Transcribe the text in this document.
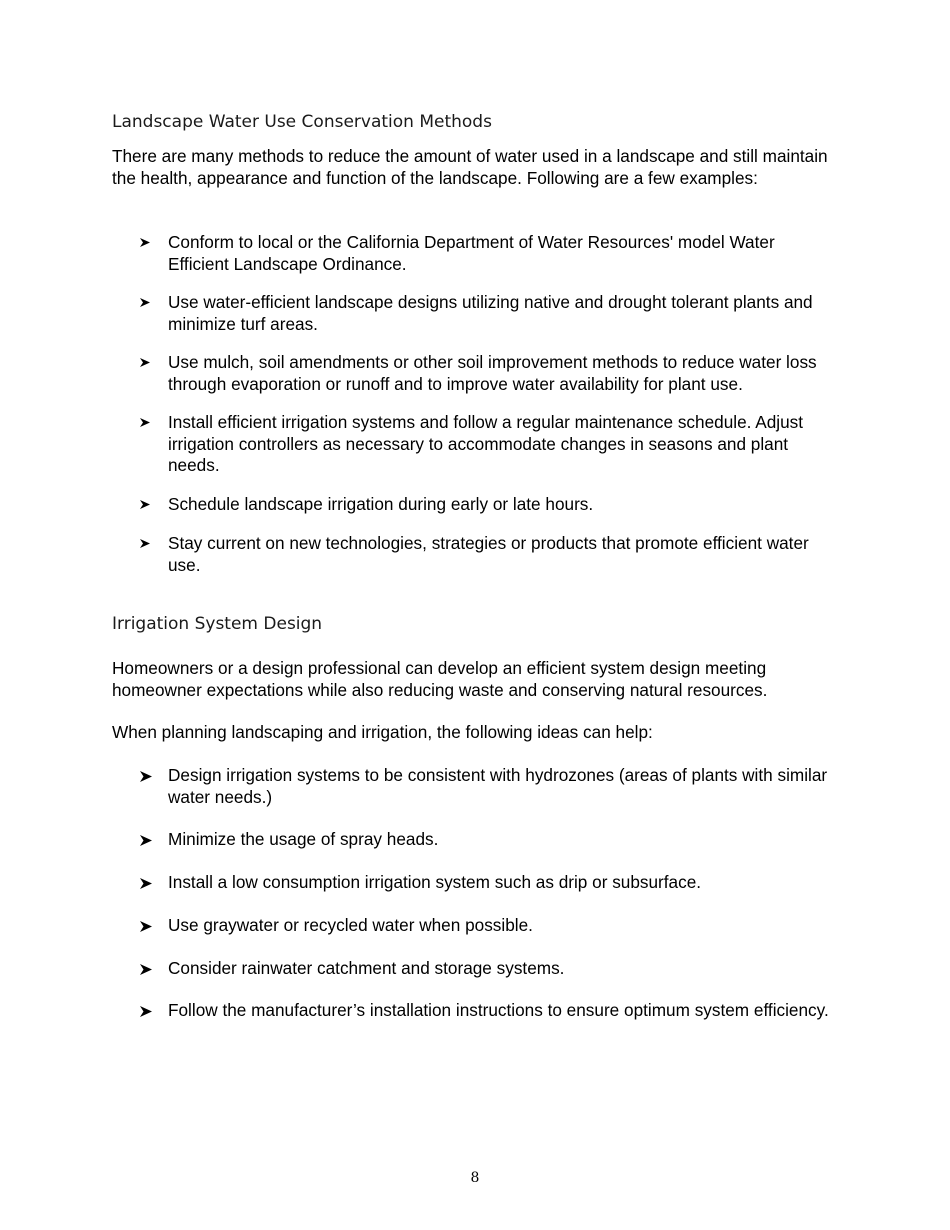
Landscape Water Use Conservation Methods

There are many methods to reduce the amount of water used in a landscape and still maintain the health, appearance and function of the landscape. Following are a few examples:

Conform to local or the California Department of Water Resources' model Water Efficient Landscape Ordinance.
Use water-efficient landscape designs utilizing native and drought tolerant plants and minimize turf areas.
Use mulch, soil amendments or other soil improvement methods to reduce water loss through evaporation or runoff and to improve water availability for plant use.
Install efficient irrigation systems and follow a regular maintenance schedule. Adjust irrigation controllers as necessary to accommodate changes in seasons and plant needs.
Schedule landscape irrigation during early or late hours.
Stay current on new technologies, strategies or products that promote efficient water use.
Irrigation System Design

Homeowners or a design professional can develop an efficient system design meeting homeowner expectations while also reducing waste and conserving natural resources.

When planning landscaping and irrigation, the following ideas can help:

Design irrigation systems to be consistent with hydrozones (areas of plants with similar water needs.)
Minimize the usage of spray heads.
Install a low consumption irrigation system such as drip or subsurface.
Use graywater or recycled water when possible.
Consider rainwater catchment and storage systems.
Follow the manufacturer’s installation instructions to ensure optimum system efficiency.
8
